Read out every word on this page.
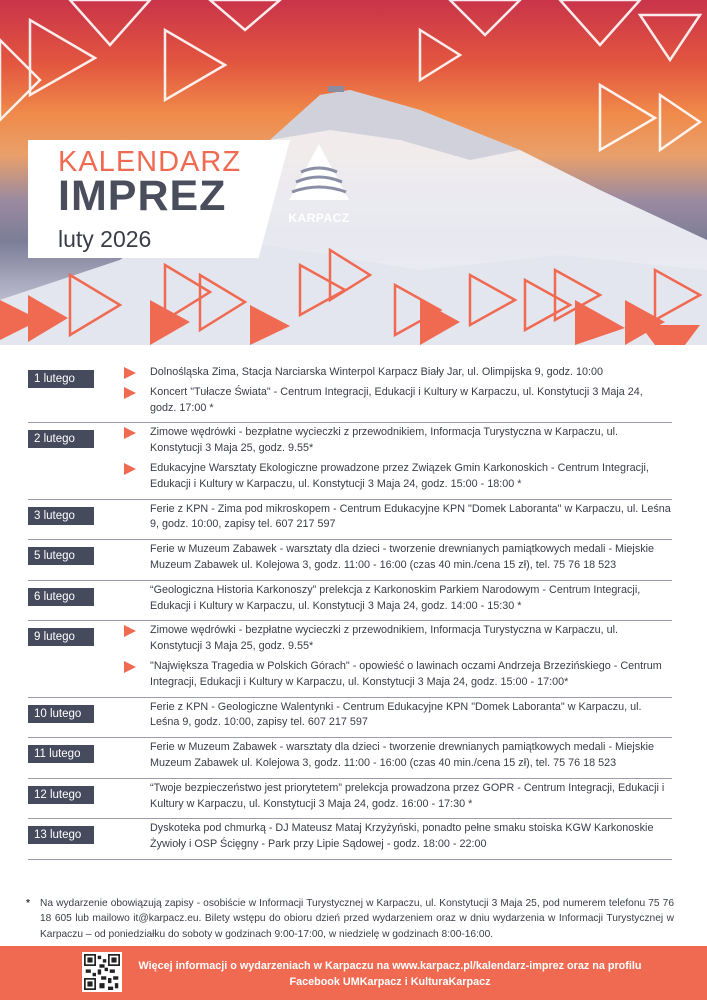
KALENDARZ
IMPREZ
luty 2026
KARPACZ
1 lutego
Dolnośląska Zima, Stacja Narciarska Winterpol Karpacz Biały Jar, ul. Olimpijska 9, godz. 10:00
Koncert "Tułacze Świata" - Centrum Integracji, Edukacji i Kultury w Karpaczu, ul. Konstytucji 3 Maja 24, godz. 17:00 *
2 lutego
Zimowe wędrówki - bezpłatne wycieczki z przewodnikiem, Informacja Turystyczna w Karpaczu, ul. Konstytucji 3 Maja 25, godz. 9.55*
Edukacyjne Warsztaty Ekologiczne prowadzone przez Związek Gmin Karkonoskich - Centrum Integracji, Edukacji i Kultury w Karpaczu, ul. Konstytucji 3 Maja 24, godz. 15:00 - 18:00 *
3 lutego
Ferie z KPN - Zima pod mikroskopem - Centrum Edukacyjne KPN "Domek Laboranta" w Karpaczu, ul. Leśna 9, godz. 10:00, zapisy tel. 607 217 597
5 lutego
Ferie w Muzeum Zabawek - warsztaty dla dzieci - tworzenie drewnianych pamiątkowych medali - Miejskie Muzeum Zabawek ul. Kolejowa 3, godz. 11:00 - 16:00 (czas 40 min./cena 15 zł), tel. 75 76 18 523
6 lutego
“Geologiczna Historia Karkonoszy” prelekcja z Karkonoskim Parkiem Narodowym - Centrum Integracji, Edukacji i Kultury w Karpaczu, ul. Konstytucji 3 Maja 24, godz. 14:00 - 15:30 *
9 lutego
Zimowe wędrówki - bezpłatne wycieczki z przewodnikiem, Informacja Turystyczna w Karpaczu, ul. Konstytucji 3 Maja 25, godz. 9.55*
"Największa Tragedia w Polskich Górach" - opowieść o lawinach oczami Andrzeja Brzezińskiego - Centrum Integracji, Edukacji i Kultury w Karpaczu, ul. Konstytucji 3 Maja 24, godz. 15:00 - 17:00*
10 lutego
Ferie z KPN - Geologiczne Walentynki - Centrum Edukacyjne KPN "Domek Laboranta" w Karpaczu, ul. Leśna 9, godz. 10:00, zapisy tel. 607 217 597
11 lutego
Ferie w Muzeum Zabawek - warsztaty dla dzieci - tworzenie drewnianych pamiątkowych medali - Miejskie Muzeum Zabawek ul. Kolejowa 3, godz. 11:00 - 16:00 (czas 40 min./cena 15 zł), tel. 75 76 18 523
12 lutego
“Twoje bezpieczeństwo jest priorytetem” prelekcja prowadzona przez GOPR - Centrum Integracji, Edukacji i Kultury w Karpaczu, ul. Konstytucji 3 Maja 24, godz. 16:00 - 17:30 *
13 lutego
Dyskoteka pod chmurką - DJ Mateusz Mataj Krzyżyński, ponadto pełne smaku stoiska KGW Karkonoskie Żywioły i OSP Ścięgny - Park przy Lipie Sądowej - godz. 18:00 - 22:00
* Na wydarzenie obowiązują zapisy - osobiście w Informacji Turystycznej w Karpaczu, ul. Konstytucji 3 Maja 25, pod numerem telefonu 75 76 18 605 lub mailowo it@karpacz.eu. Bilety wstępu do obioru dzień przed wydarzeniem oraz w dniu wydarzenia w Informacji Turystycznej w Karpaczu – od poniedziałku do soboty w godzinach 9:00-17:00, w niedzielę w godzinach 8:00-16:00.
Więcej informacji o wydarzeniach w Karpaczu na www.karpacz.pl/kalendarz-imprez oraz na profilu
Facebook UMKarpacz i KulturaKarpacz
